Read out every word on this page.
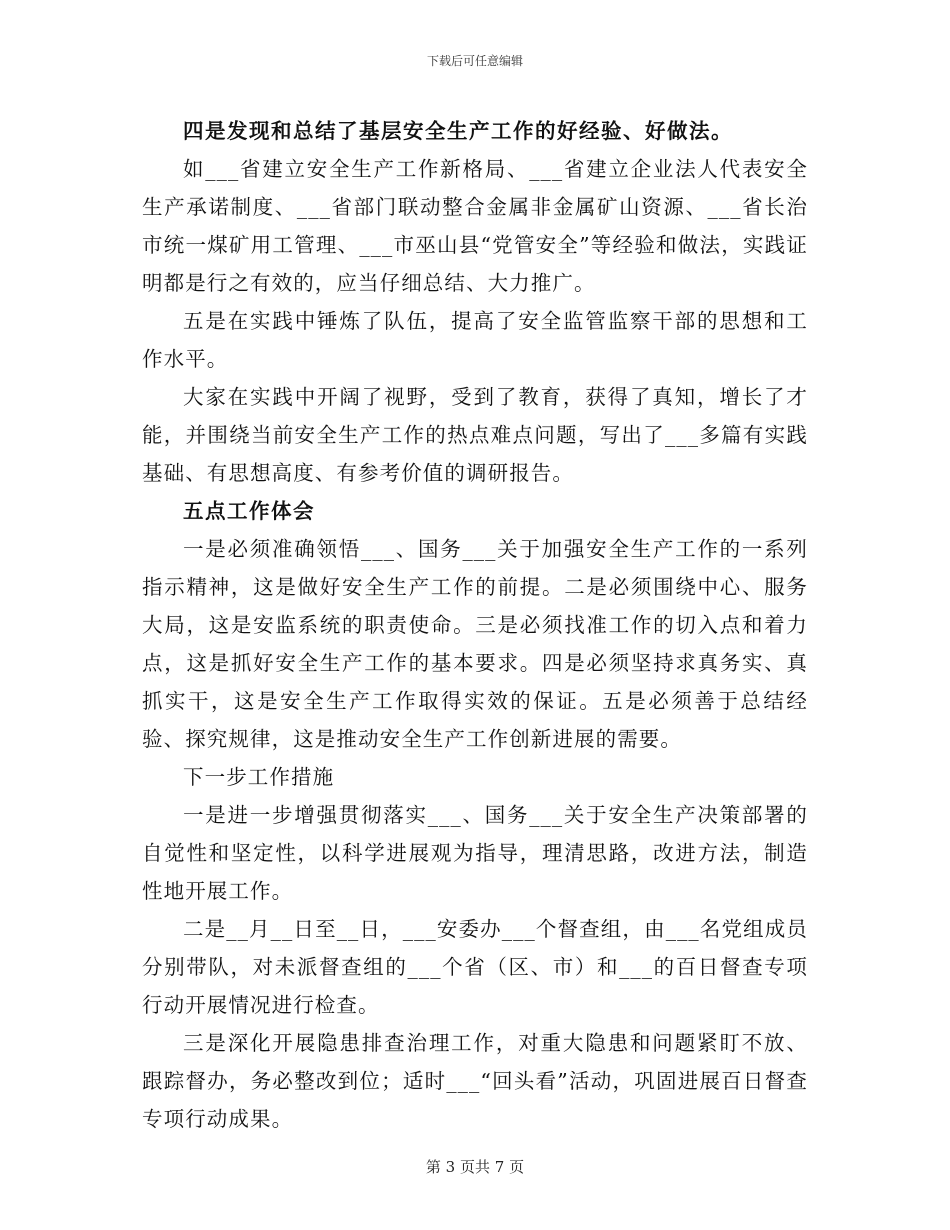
下载后可任意编辑

四是发现和总结了基层安全生产工作的好经验、好做法。

如___省建立安全生产工作新格局、___省建立企业法人代表安全生产承诺制度、___省部门联动整合金属非金属矿山资源、___省长治市统一煤矿用工管理、___市巫山县“党管安全”等经验和做法，实践证明都是行之有效的，应当仔细总结、大力推广。

五是在实践中锤炼了队伍，提高了安全监管监察干部的思想和工作水平。

大家在实践中开阔了视野，受到了教育，获得了真知，增长了才能，并围绕当前安全生产工作的热点难点问题，写出了___多篇有实践基础、有思想高度、有参考价值的调研报告。

五点工作体会

一是必须准确领悟___、国务___关于加强安全生产工作的一系列指示精神，这是做好安全生产工作的前提。二是必须围绕中心、服务大局，这是安监系统的职责使命。三是必须找准工作的切入点和着力点，这是抓好安全生产工作的基本要求。四是必须坚持求真务实、真抓实干，这是安全生产工作取得实效的保证。五是必须善于总结经验、探究规律，这是推动安全生产工作创新进展的需要。

下一步工作措施

一是进一步增强贯彻落实___、国务___关于安全生产决策部署的自觉性和坚定性，以科学进展观为指导，理清思路，改进方法，制造性地开展工作。

二是__月__日至__日，___安委办___个督查组，由___名党组成员分别带队，对未派督查组的___个省（区、市）和___的百日督查专项行动开展情况进行检查。

三是深化开展隐患排查治理工作，对重大隐患和问题紧盯不放、跟踪督办，务必整改到位；适时___“回头看”活动，巩固进展百日督查专项行动成果。

第 3 页共 7 页
